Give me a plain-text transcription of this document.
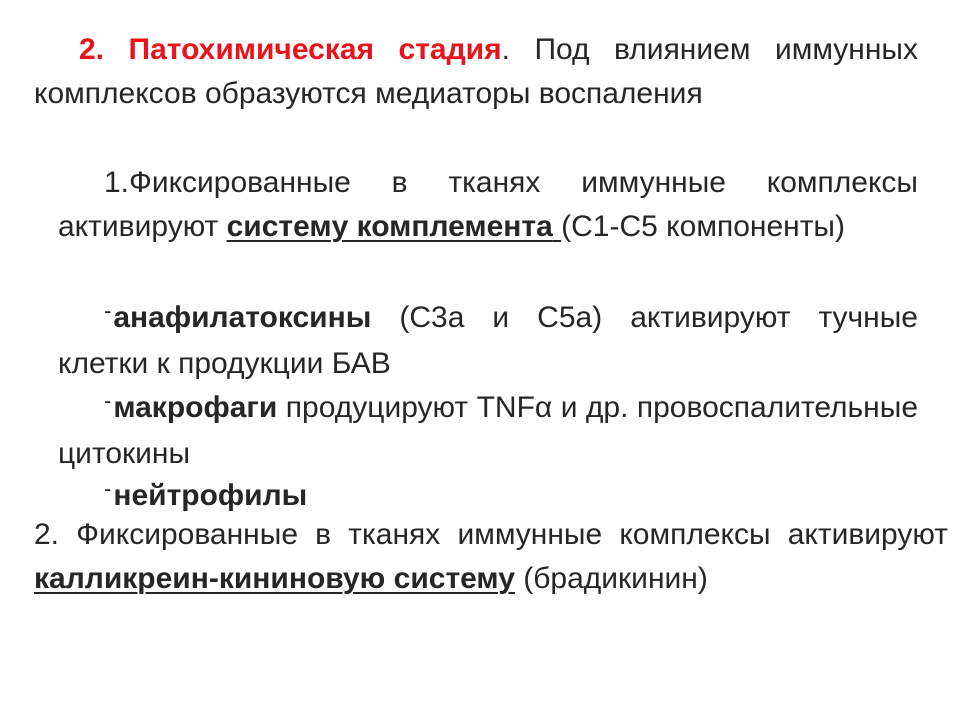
2. Патохимическая стадия. Под влиянием иммунных комплексов образуются медиаторы воспаления
1.Фиксированные в тканях иммунные комплексы активируют системy комплемента (С1-С5 компоненты)
-анафилатоксины (С3а и С5а) активируют тучные клетки к продукции БАВ
-макрофаги продуцируют TNFα и др. провоспалительные цитокины
-нейтрофилы
2. Фиксированные в тканях иммунные комплексы активируют калликреин-кининовую систему (брадикинин)
